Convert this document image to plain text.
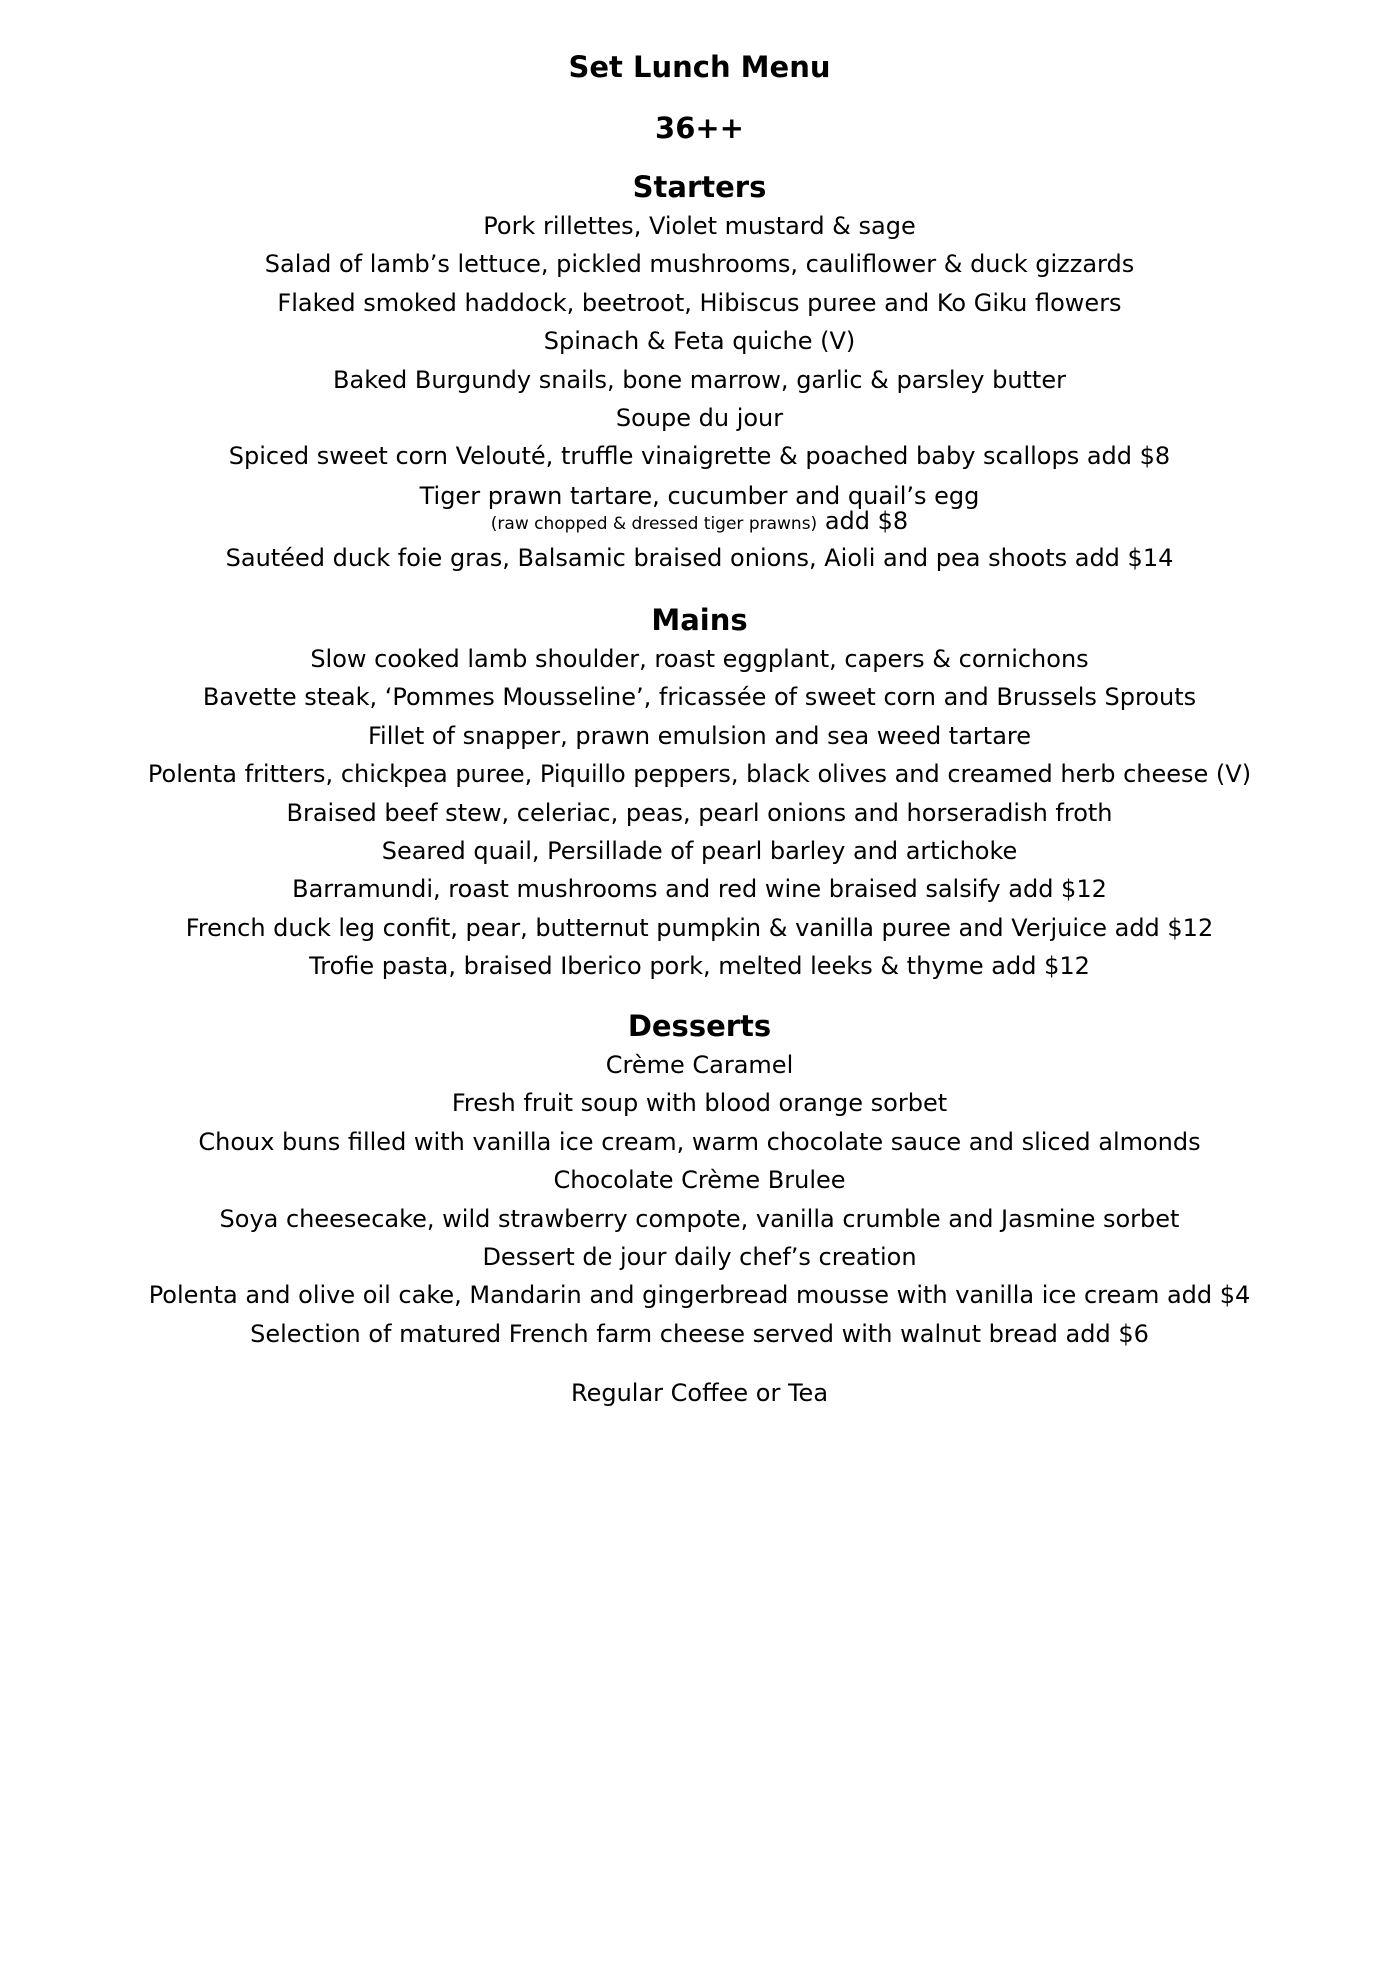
Set Lunch Menu
36++
Starters
Pork rillettes, Violet mustard & sage
Salad of lamb’s lettuce, pickled mushrooms, cauliflower & duck gizzards
Flaked smoked haddock, beetroot, Hibiscus puree and Ko Giku flowers
Spinach & Feta quiche (V)
Baked Burgundy snails, bone marrow, garlic & parsley butter
Soupe du jour
Spiced sweet corn Velouté, truffle vinaigrette & poached baby scallops add $8
Tiger prawn tartare, cucumber and quail’s egg
(raw chopped & dressed tiger prawns) add $8
Sautéed duck foie gras, Balsamic braised onions, Aioli and pea shoots add $14
Mains
Slow cooked lamb shoulder, roast eggplant, capers & cornichons
Bavette steak, ‘Pommes Mousseline’, fricassée of sweet corn and Brussels Sprouts
Fillet of snapper, prawn emulsion and sea weed tartare
Polenta fritters, chickpea puree, Piquillo peppers, black olives and creamed herb cheese (V)
Braised beef stew, celeriac, peas, pearl onions and horseradish froth
Seared quail, Persillade of pearl barley and artichoke
Barramundi, roast mushrooms and red wine braised salsify add $12
French duck leg confit, pear, butternut pumpkin & vanilla puree and Verjuice add $12
Trofie pasta, braised Iberico pork, melted leeks & thyme add $12
Desserts
Crème Caramel
Fresh fruit soup with blood orange sorbet
Choux buns filled with vanilla ice cream, warm chocolate sauce and sliced almonds
Chocolate Crème Brulee
Soya cheesecake, wild strawberry compote, vanilla crumble and Jasmine sorbet
Dessert de jour daily chef’s creation
Polenta and olive oil cake, Mandarin and gingerbread mousse with vanilla ice cream add $4
Selection of matured French farm cheese served with walnut bread add $6

Regular Coffee or Tea
